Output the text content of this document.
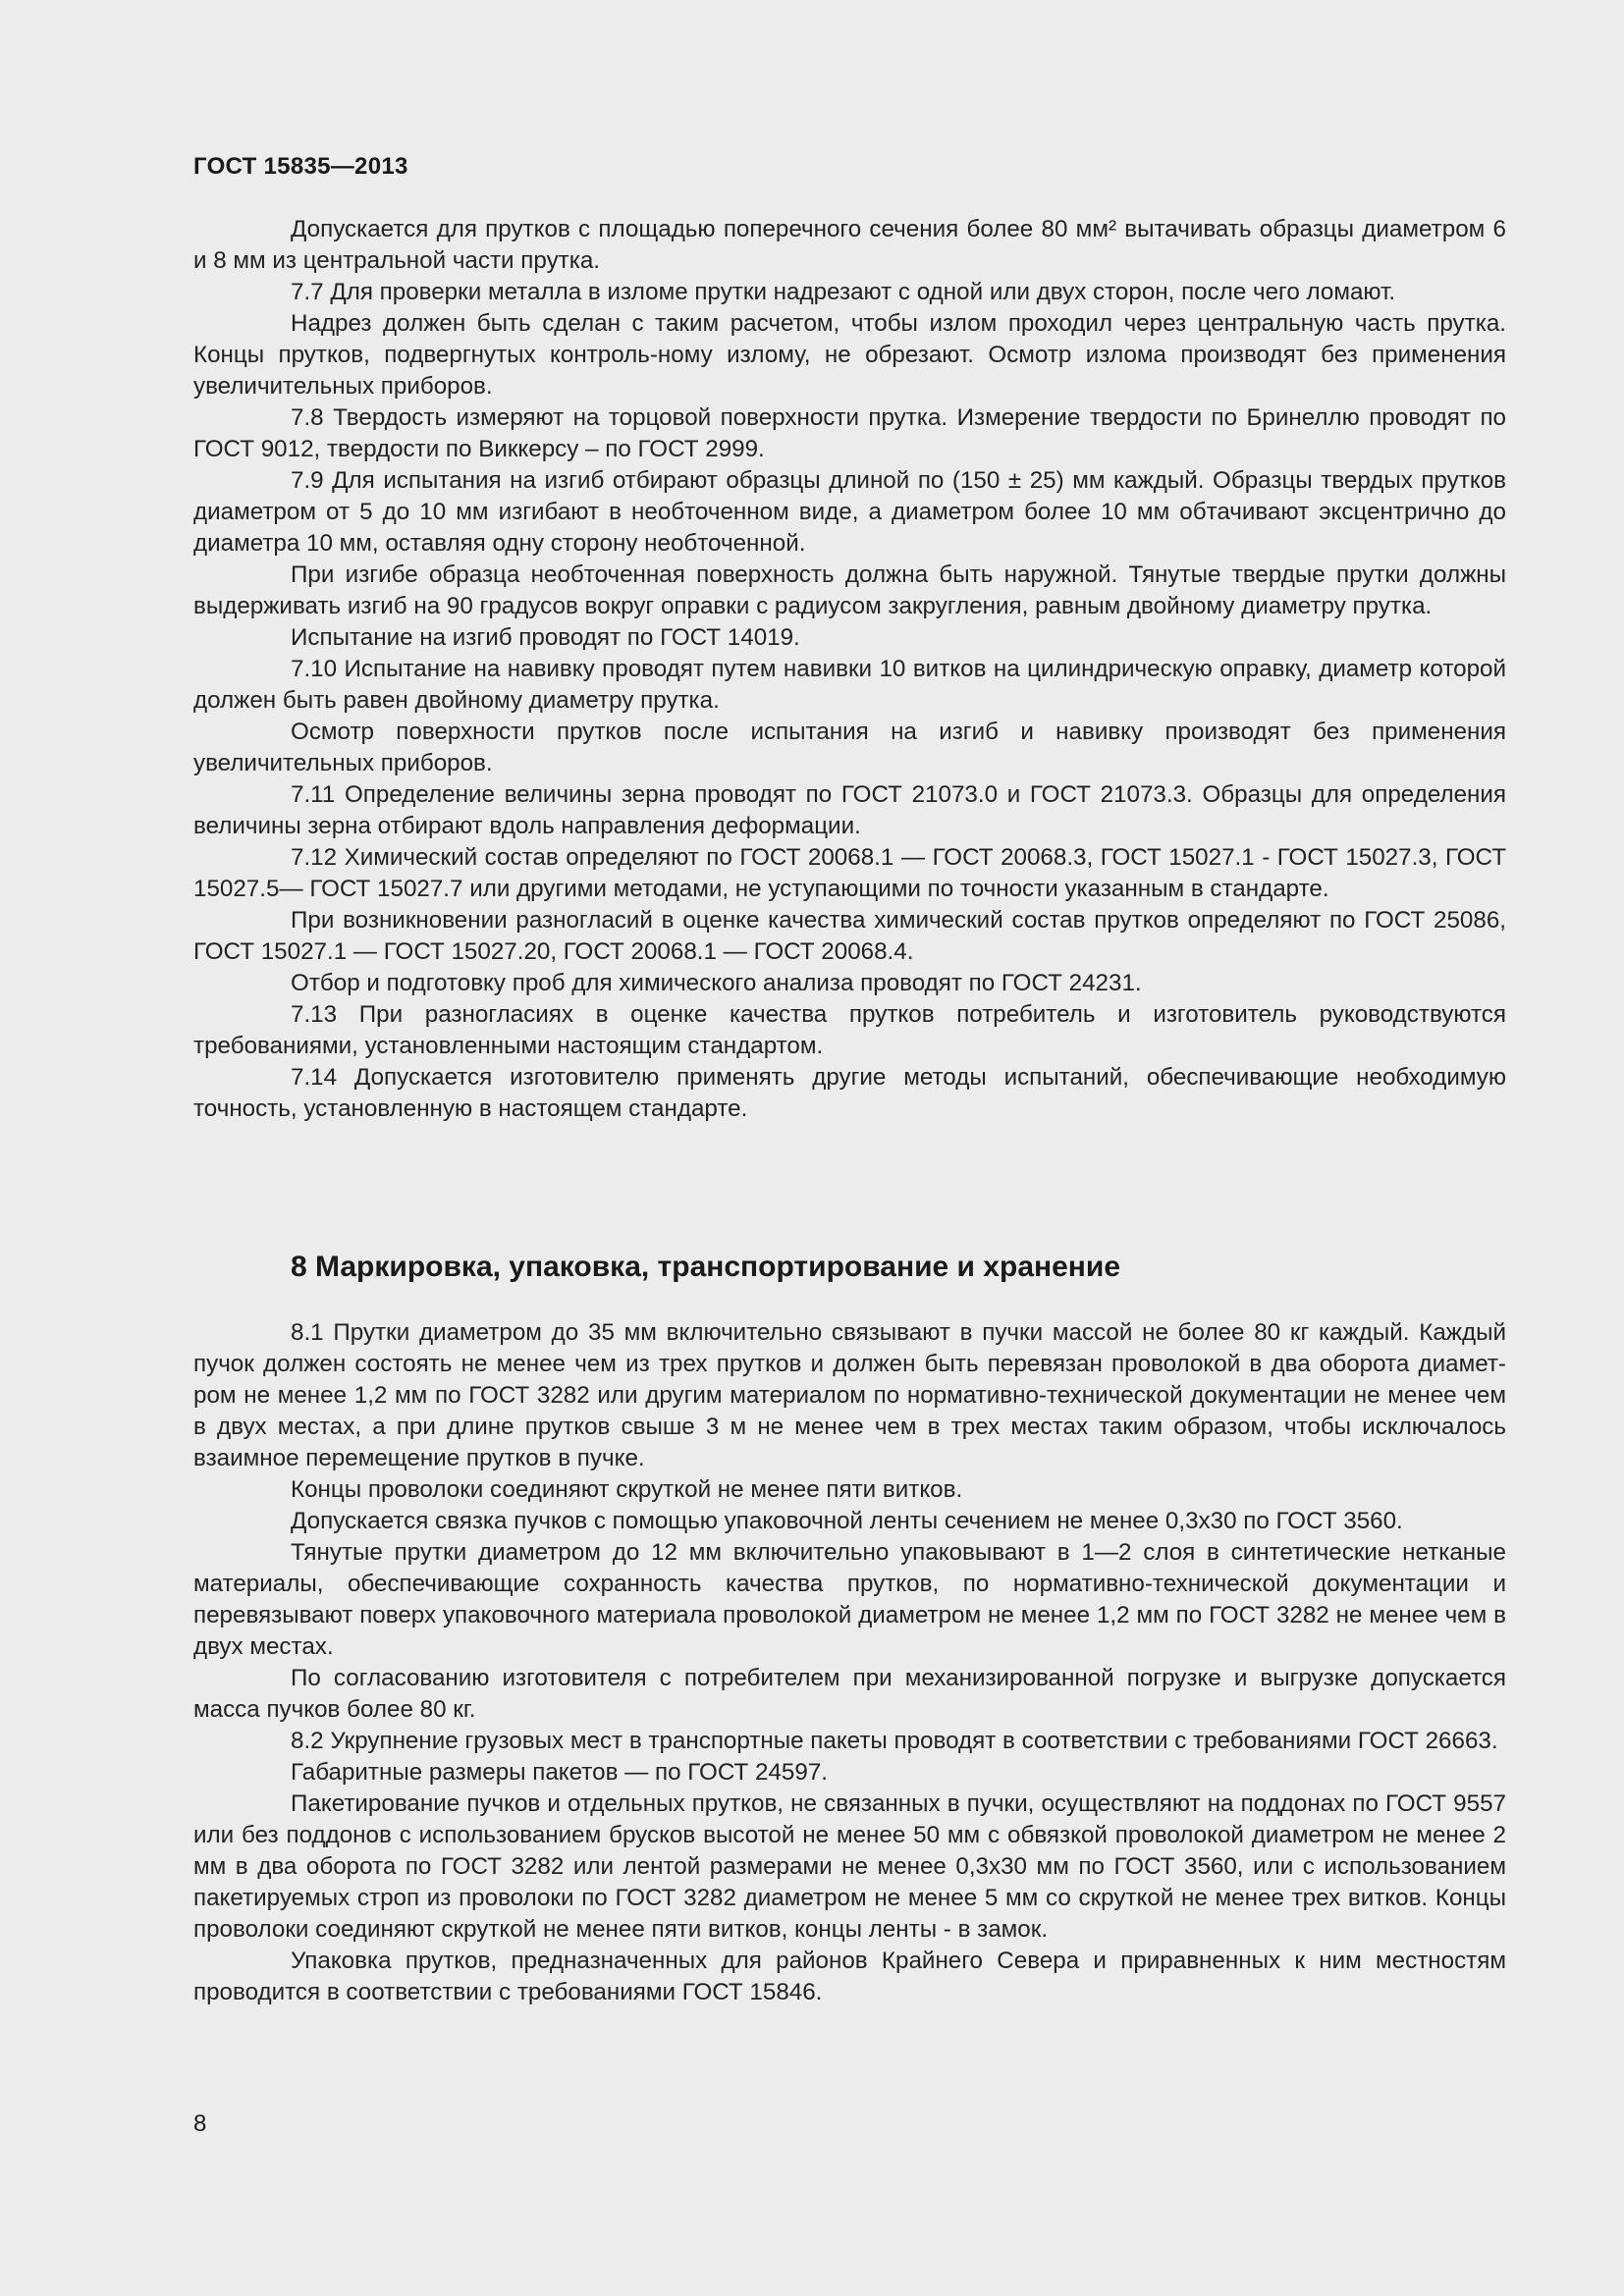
ГОСТ 15835—2013

Допускается для прутков с площадью поперечного сечения более 80 мм² вытачивать образцы диаметром 6 и 8 мм из центральной части прутка.

7.7 Для проверки металла в изломе прутки надрезают с одной или двух сторон, после чего ломают.

Надрез должен быть сделан с таким расчетом, чтобы излом проходил через центральную часть прутка. Концы прутков, подвергнутых контроль-ному излому, не обрезают. Осмотр излома производят без применения увеличительных приборов.

7.8 Твердость измеряют на торцовой поверхности прутка. Измерение твердости по Бринеллю проводят по ГОСТ 9012, твердости по Виккерсу – по ГОСТ 2999.

7.9 Для испытания на изгиб отбирают образцы длиной по (150 ± 25) мм каждый. Образцы твердых прутков диаметром от 5 до 10 мм изгибают в необточенном виде, а диаметром более 10 мм обтачивают эксцентрично до диаметра 10 мм, оставляя одну сторону необточенной.

При изгибе образца необточенная поверхность должна быть наружной. Тянутые твердые прутки должны выдерживать изгиб на 90 градусов вокруг оправки с радиусом закругления, равным двойному диаметру прутка.

Испытание на изгиб проводят по ГОСТ 14019.

7.10 Испытание на навивку проводят путем навивки 10 витков на цилиндрическую оправку, диаметр которой должен быть равен двойному диаметру прутка.

Осмотр поверхности прутков после испытания на изгиб и навивку производят без применения увеличительных приборов.

7.11 Определение величины зерна проводят по ГОСТ 21073.0 и ГОСТ 21073.3. Образцы для определения величины зерна отбирают вдоль направления деформации.

7.12 Химический состав определяют по ГОСТ 20068.1 — ГОСТ 20068.3, ГОСТ 15027.1 - ГОСТ 15027.3, ГОСТ 15027.5— ГОСТ 15027.7 или другими методами, не уступающими по точности указанным в стандарте.

При возникновении разногласий в оценке качества химический состав прутков определяют по ГОСТ 25086, ГОСТ 15027.1 — ГОСТ 15027.20, ГОСТ 20068.1 — ГОСТ 20068.4.

Отбор и подготовку проб для химического анализа проводят по ГОСТ 24231.

7.13 При разногласиях в оценке качества прутков потребитель и изготовитель руководствуются требованиями, установленными настоящим стандартом.

7.14 Допускается изготовителю применять другие методы испытаний, обеспечивающие необходимую точность, установленную в настоящем стандарте.

8 Маркировка, упаковка, транспортирование и хранение

8.1 Прутки диаметром до 35 мм включительно связывают в пучки массой не более 80 кг каждый. Каждый пучок должен состоять не менее чем из трех прутков и должен быть перевязан проволокой в два оборота диамет-ром не менее 1,2 мм по ГОСТ 3282 или другим материалом по нормативно-технической документации не менее чем в двух местах, а при длине прутков свыше 3 м не менее чем в трех местах таким образом, чтобы исключалось взаимное перемещение прутков в пучке.

Концы проволоки соединяют скруткой не менее пяти витков.

Допускается связка пучков с помощью упаковочной ленты сечением не менее 0,3х30 по ГОСТ 3560.

Тянутые прутки диаметром до 12 мм включительно упаковывают в 1—2 слоя в синтетические нетканые материалы, обеспечивающие сохранность качества прутков, по нормативно-технической документации и перевязывают поверх упаковочного материала проволокой диаметром не менее 1,2 мм по ГОСТ 3282 не менее чем в двух местах.

По согласованию изготовителя с потребителем при механизированной погрузке и выгрузке допускается масса пучков более 80 кг.

8.2 Укрупнение грузовых мест в транспортные пакеты проводят в соответствии с требованиями ГОСТ 26663.

Габаритные размеры пакетов — по ГОСТ 24597.

Пакетирование пучков и отдельных прутков, не связанных в пучки, осуществляют на поддонах по ГОСТ 9557 или без поддонов с использованием брусков высотой не менее 50 мм с обвязкой проволокой диаметром не менее 2 мм в два оборота по ГОСТ 3282 или лентой размерами не менее 0,3х30 мм по ГОСТ 3560, или с использованием пакетируемых строп из проволоки по ГОСТ 3282 диаметром не менее 5 мм со скруткой не менее трех витков. Концы проволоки соединяют скруткой не менее пяти витков, концы ленты - в замок.

Упаковка прутков, предназначенных для районов Крайнего Севера и приравненных к ним местностям проводится в соответствии с требованиями ГОСТ 15846.

8
